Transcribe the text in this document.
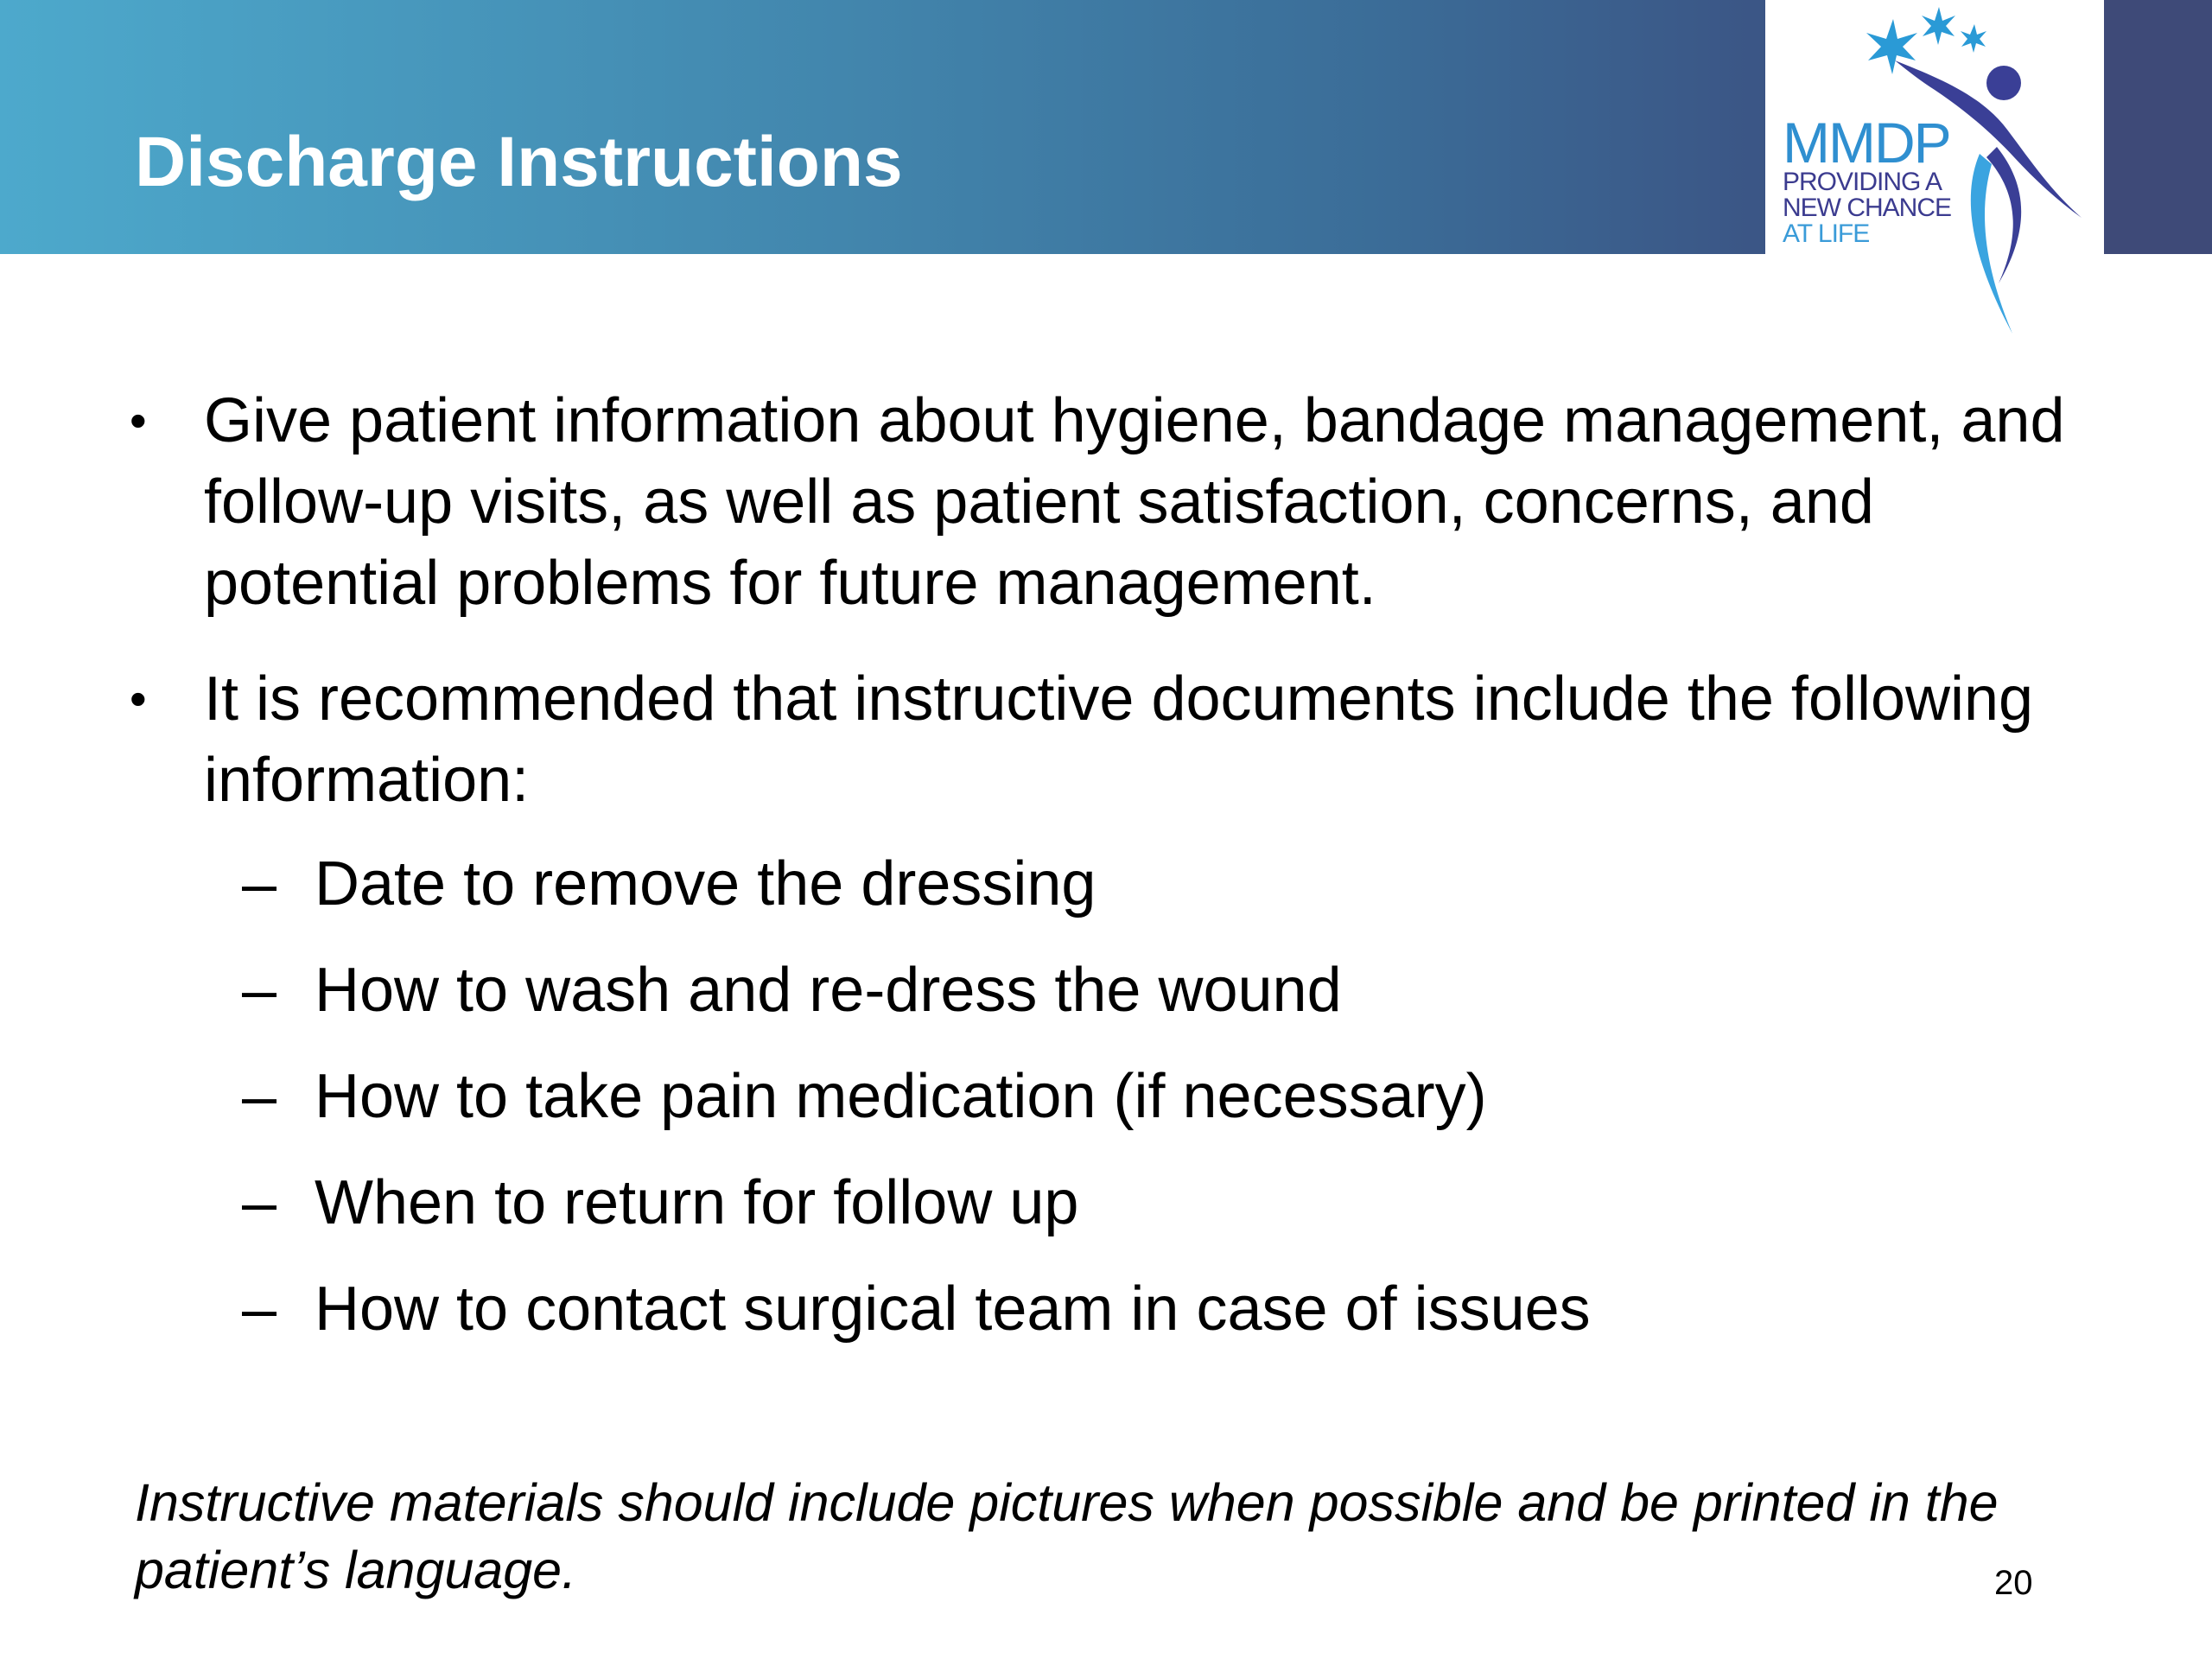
Discharge Instructions	MMDP
PROVIDING A
NEW CHANCE
AT LIFE
• Give patient information about hygiene, bandage management, and follow-up visits, as well as patient satisfaction, concerns, and potential problems for future management.
• It is recommended that instructive documents include the following information:
– Date to remove the dressing
– How to wash and re-dress the wound
– How to take pain medication (if necessary)
– When to return for follow up
– How to contact surgical team in case of issues
Instructive materials should include pictures when possible and be printed in the patient’s language.	20
